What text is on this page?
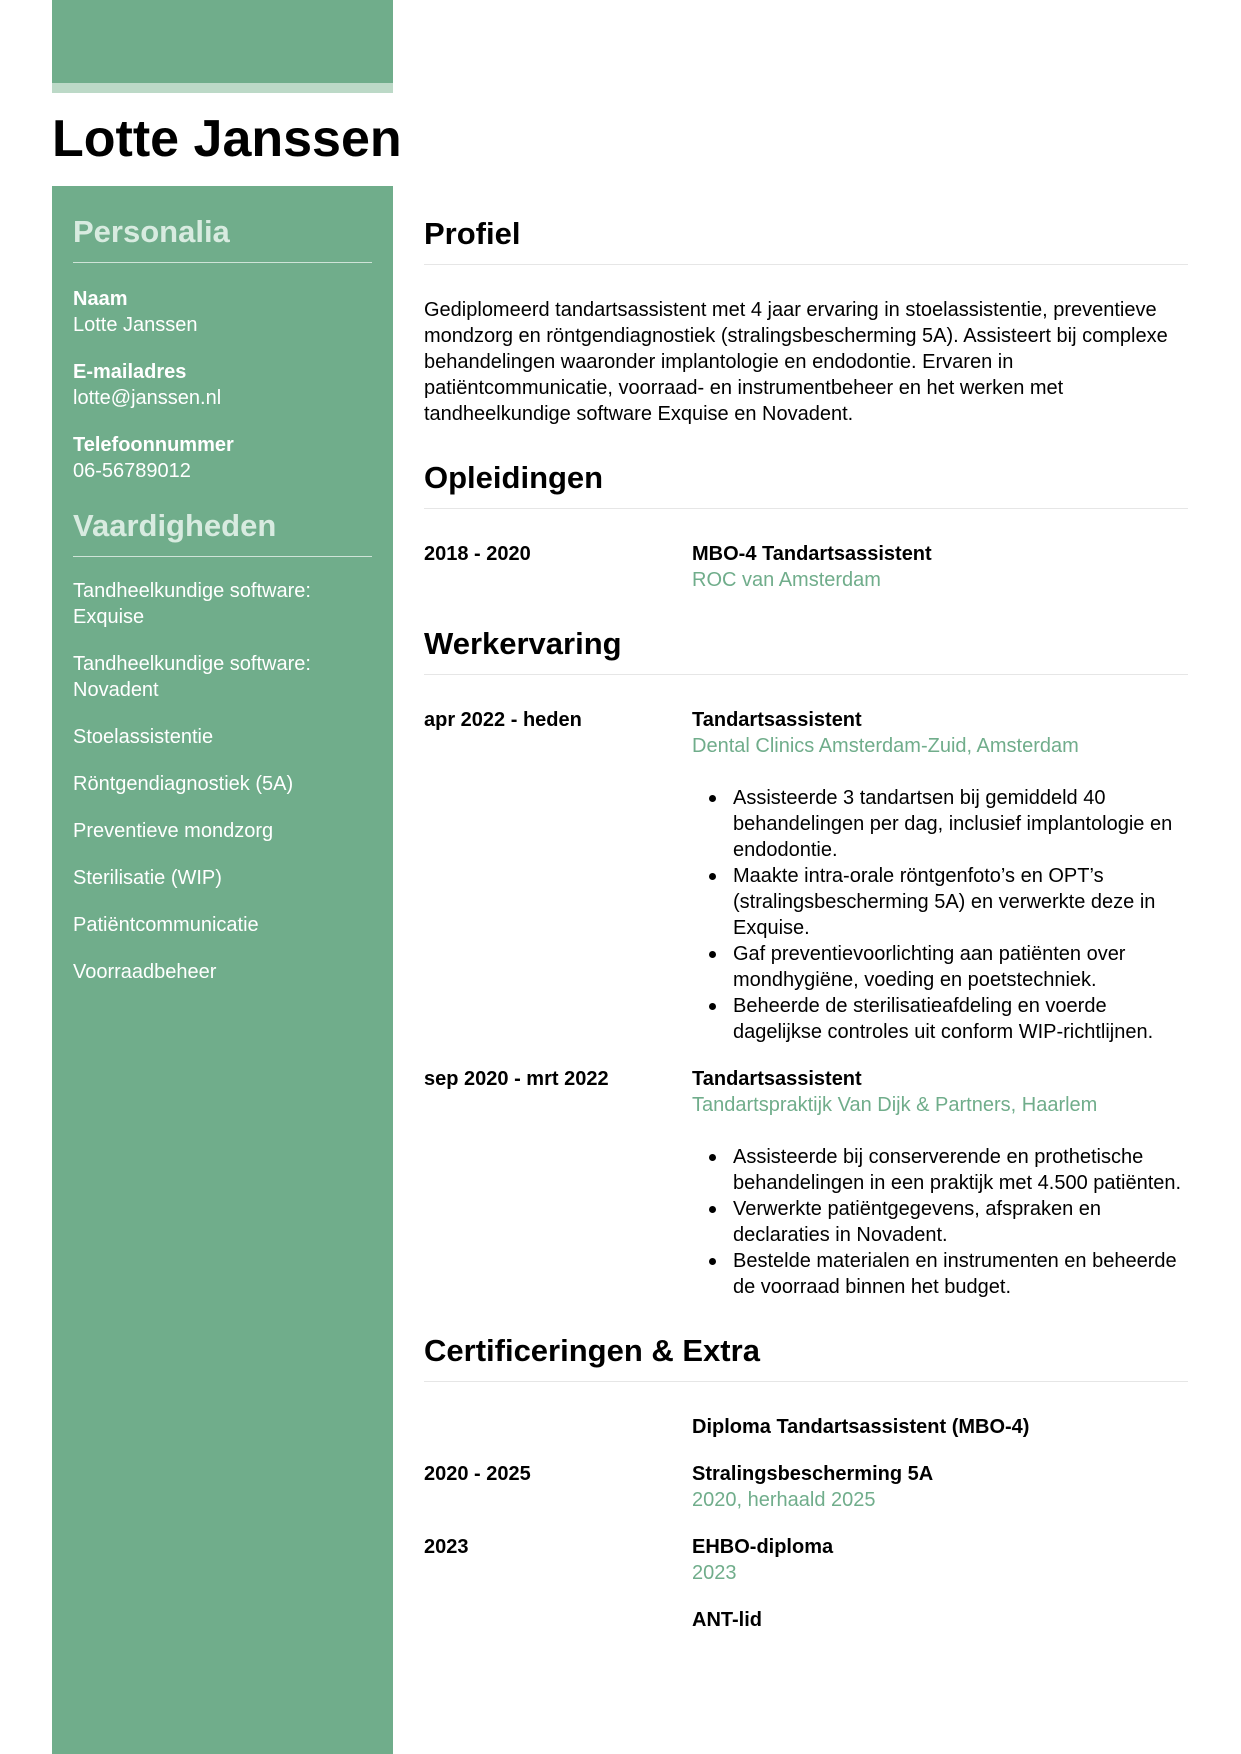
Lotte Janssen
Personalia
Naam
Lotte Janssen
E-mailadres
lotte@janssen.nl
Telefoonnummer
06-56789012
Vaardigheden
Tandheelkundige software: Exquise
Tandheelkundige software: Novadent
Stoelassistentie
Röntgendiagnostiek (5A)
Preventieve mondzorg
Sterilisatie (WIP)
Patiëntcommunicatie
Voorraadbeheer
Profiel

Gediplomeerd tandartsassistent met 4 jaar ervaring in stoelassistentie, preventieve mondzorg en röntgendiagnostiek (stralingsbescherming 5A). Assisteert bij complexe behandelingen waaronder implantologie en endodontie. Ervaren in patiëntcommunicatie, voorraad- en instrumentbeheer en het werken met tandheelkundige software Exquise en Novadent.

Opleidingen
2018 - 2020	MBO-4 Tandartsassistent
ROC van Amsterdam
Werkervaring
apr 2022 - heden	Tandartsassistent
Dental Clinics Amsterdam-Zuid, Amsterdam
Assisteerde 3 tandartsen bij gemiddeld 40 behandelingen per dag, inclusief implantologie en endodontie.
Maakte intra-orale röntgenfoto’s en OPT’s (stralingsbescherming 5A) en verwerkte deze in Exquise.
Gaf preventievoorlichting aan patiënten over mondhygiëne, voeding en poetstechniek.
Beheerde de sterilisatieafdeling en voerde dagelijkse controles uit conform WIP-richtlijnen.
sep 2020 - mrt 2022	Tandartsassistent
Tandartspraktijk Van Dijk & Partners, Haarlem
Assisteerde bij conserverende en prothetische behandelingen in een praktijk met 4.500 patiënten.
Verwerkte patiëntgegevens, afspraken en declaraties in Novadent.
Bestelde materialen en instrumenten en beheerde de voorraad binnen het budget.
Certificeringen & Extra
Diploma Tandartsassistent (MBO-4)
2020 - 2025	Stralingsbescherming 5A
2020, herhaald 2025
2023	EHBO-diploma
2023
ANT-lid
